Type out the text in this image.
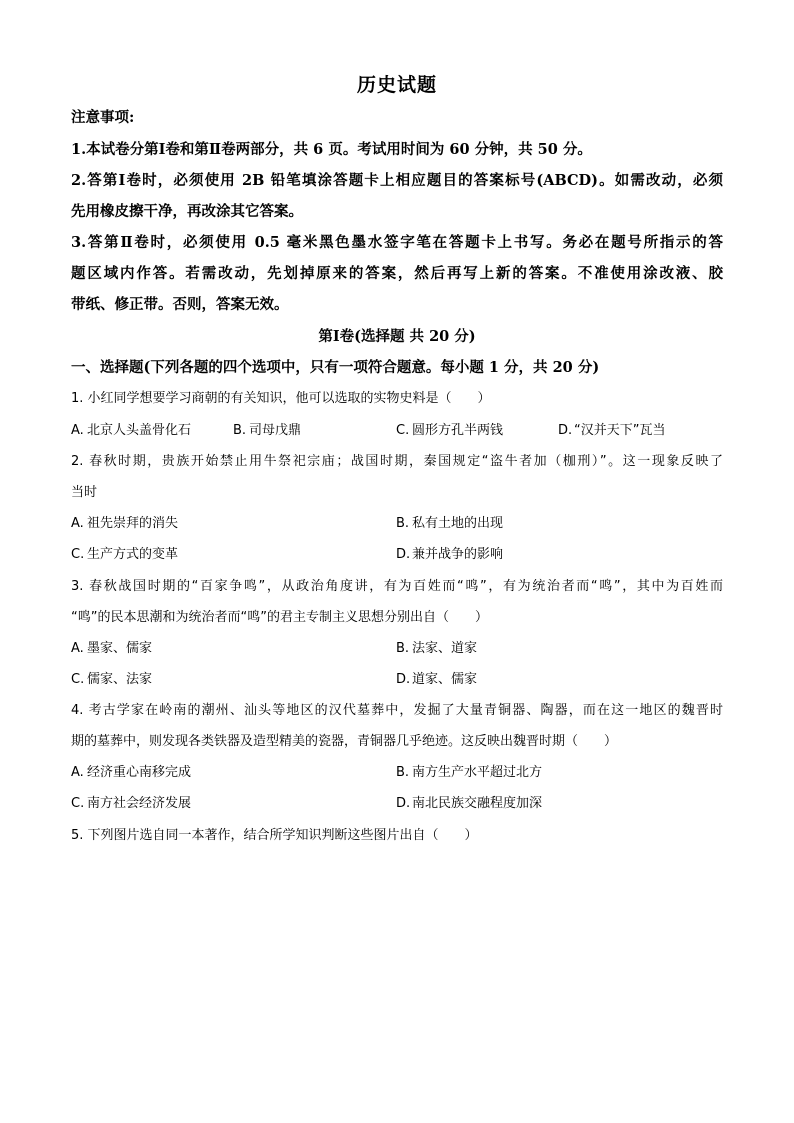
历史试题
注意事项:
1.本试卷分第Ⅰ卷和第Ⅱ卷两部分，共 6 页。考试用时间为 60 分钟，共 50 分。
2.答第Ⅰ卷时，必须使用 2B 铅笔填涂答题卡上相应题目的答案标号(ABCD)。如需改动，必须
先用橡皮擦干净，再改涂其它答案。
3.答第Ⅱ卷时，必须使用 0.5 毫米黑色墨水签字笔在答题卡上书写。务必在题号所指示的答
题区域内作答。若需改动，先划掉原来的答案，然后再写上新的答案。不准使用涂改液、胶
带纸、修正带。否则，答案无效。
第Ⅰ卷(选择题 共 20 分)
一、选择题(下列各题的四个选项中，只有一项符合题意。每小题 1 分，共 20 分)
1. 小红同学想要学习商朝的有关知识，他可以选取的实物史料是（　　）
A. 北京人头盖骨化石	B. 司母戊鼎	C. 圆形方孔半两钱	D. “汉并天下”瓦当
2. 春秋时期，贵族开始禁止用牛祭祀宗庙；战国时期，秦国规定“盗牛者加（枷刑）”。这一现象反映了
当时
A. 祖先崇拜的消失	B. 私有土地的出现
C. 生产方式的变革	D. 兼并战争的影响
3. 春秋战国时期的“百家争鸣”，从政治角度讲，有为百姓而“鸣”，有为统治者而“鸣”，其中为百姓而
“鸣”的民本思潮和为统治者而“鸣”的君主专制主义思想分别出自（　　）
A. 墨家、儒家	B. 法家、道家
C. 儒家、法家	D. 道家、儒家
4. 考古学家在岭南的潮州、汕头等地区的汉代墓葬中，发掘了大量青铜器、陶器，而在这一地区的魏晋时
期的墓葬中，则发现各类铁器及造型精美的瓷器，青铜器几乎绝迹。这反映出魏晋时期（　　）
A. 经济重心南移完成	B. 南方生产水平超过北方
C. 南方社会经济发展	D. 南北民族交融程度加深
5. 下列图片选自同一本著作，结合所学知识判断这些图片出自（　　）
